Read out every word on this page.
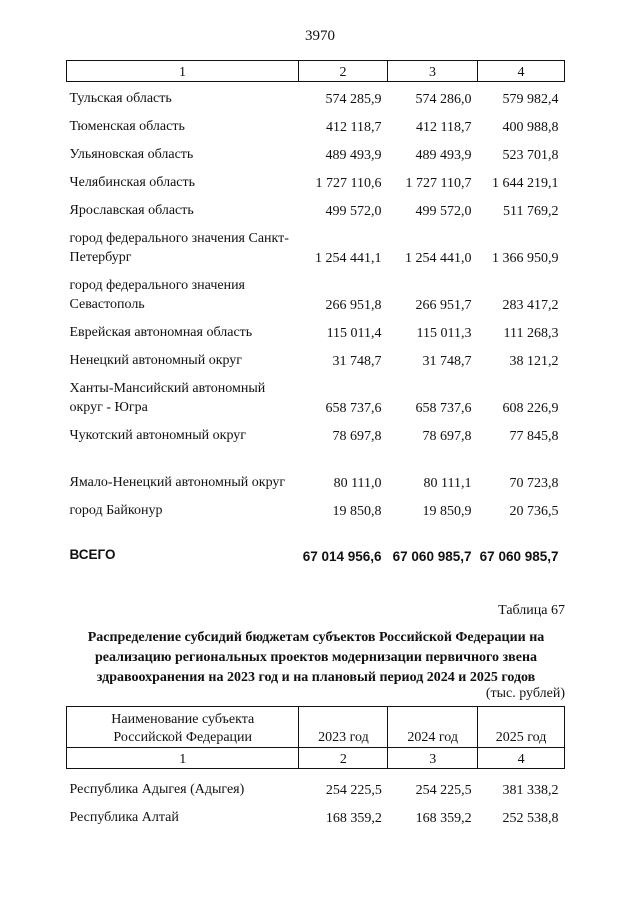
3970
1	2	3	4
Тульская область	574 285,9	574 286,0	579 982,4
Тюменская область	412 118,7	412 118,7	400 988,8
Ульяновская область	489 493,9	489 493,9	523 701,8
Челябинская область	1 727 110,6	1 727 110,7	1 644 219,1
Ярославская область	499 572,0	499 572,0	511 769,2
город федерального значения Санкт-Петербург	1 254 441,1	1 254 441,0	1 366 950,9
город федерального значения Севастополь	266 951,8	266 951,7	283 417,2
Еврейская автономная область	115 011,4	115 011,3	111 268,3
Ненецкий автономный округ	31 748,7	31 748,7	38 121,2
Ханты-Мансийский автономный округ - Югра	658 737,6	658 737,6	608 226,9
Чукотский автономный округ	78 697,8	78 697,8	77 845,8
Ямало-Ненецкий автономный округ	80 111,0	80 111,1	70 723,8
город Байконур	19 850,8	19 850,9	20 736,5
ВСЕГО	67 014 956,6	67 060 985,7	67 060 985,7
Таблица 67
Распределение субсидий бюджетам субъектов Российской Федерации на реализацию региональных проектов модернизации первичного звена здравоохранения на 2023 год и на плановый период 2024 и 2025 годов
(тыс. рублей)
Наименование субъекта Российской Федерации	2023 год	2024 год	2025 год
1	2	3	4
Республика Адыгея (Адыгея)	254 225,5	254 225,5	381 338,2
Республика Алтай	168 359,2	168 359,2	252 538,8
